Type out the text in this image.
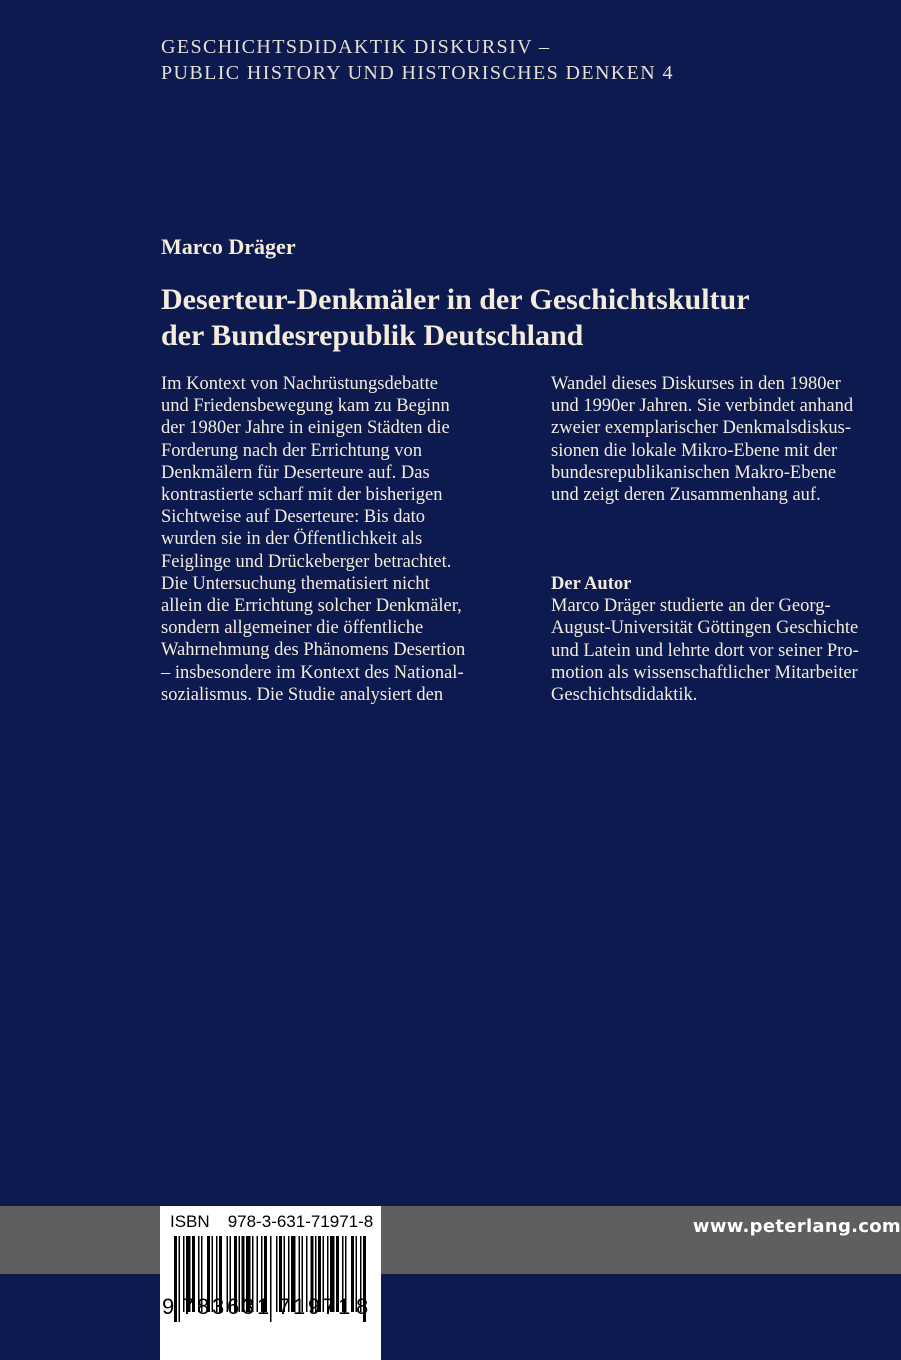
GESCHICHTSDIDAKTIK DISKURSIV –
PUBLIC HISTORY UND HISTORISCHES DENKEN 4
Marco Dräger
Deserteur-Denkmäler in der Geschichtskultur
der Bundesrepublik Deutschland
Im Kontext von Nachrüstungsdebatte
und Friedensbewegung kam zu Beginn
der 1980er Jahre in einigen Städten die
Forderung nach der Errichtung von
Denkmälern für Deserteure auf. Das
kontrastierte scharf mit der bisherigen
Sichtweise auf Deserteure: Bis dato
wurden sie in der Öffentlichkeit als
Feiglinge und Drückeberger betrachtet.
Die Untersuchung thematisiert nicht
allein die Errichtung solcher Denkmäler,
sondern allgemeiner die öffentliche
Wahrnehmung des Phänomens Desertion
– insbesondere im Kontext des National-
sozialismus. Die Studie analysiert den
Wandel dieses Diskurses in den 1980er
und 1990er Jahren. Sie verbindet anhand
zweier exemplarischer Denkmalsdiskus-
sionen die lokale Mikro-Ebene mit der
bundesrepublikanischen Makro-Ebene
und zeigt deren Zusammenhang auf.
Der Autor
Marco Dräger studierte an der Georg-
August-Universität Göttingen Geschichte
und Latein und lehrte dort vor seiner Pro-
motion als wissenschaftlicher Mitarbeiter
Geschichtsdidaktik.
www.peterlang.com
ISBN 978-3-631-71971-8
9 7 8 3 6 3 1 7 1 9 7 1 8
